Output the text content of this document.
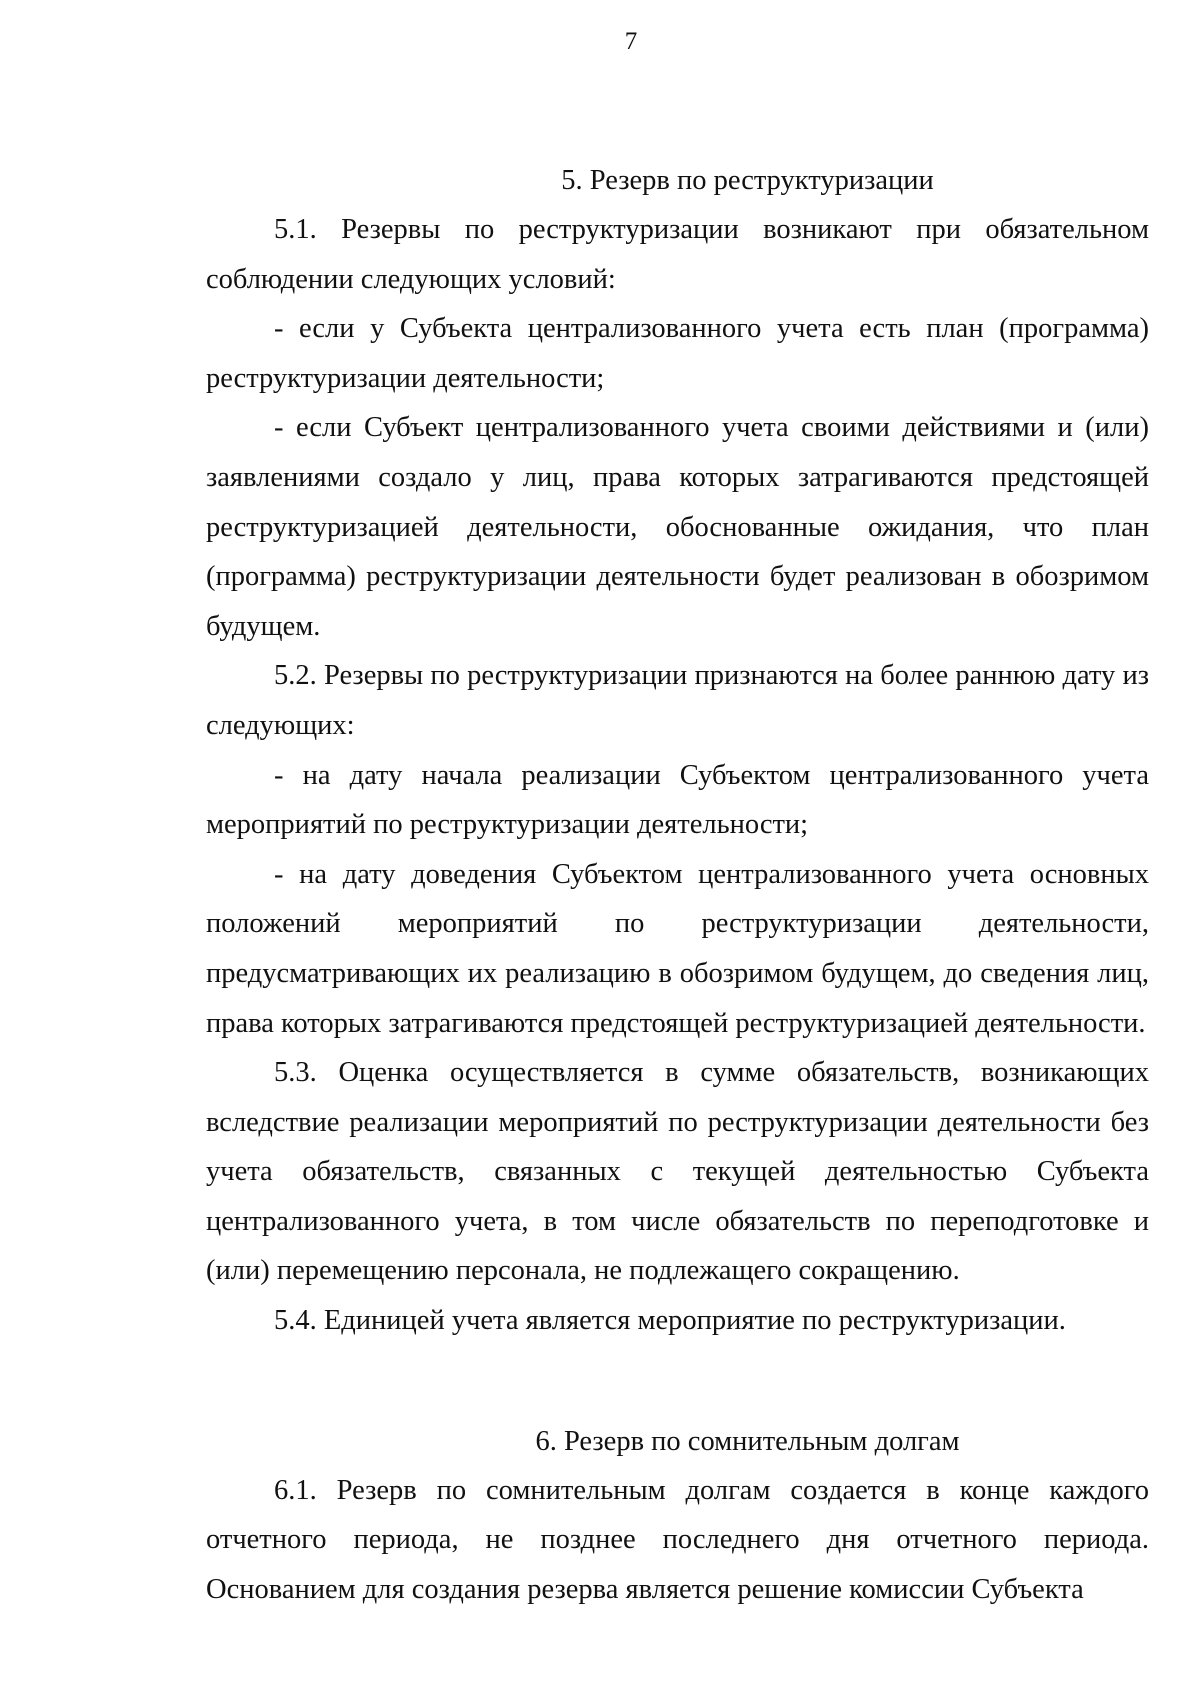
7
5. Резерв по реструктуризации

5.1. Резервы по реструктуризации возникают при обязательном соблюдении следующих условий:

- если у Субъекта централизованного учета есть план (программа) реструктуризации деятельности;

- если Субъект централизованного учета своими действиями и (или) заявлениями создало у лиц, права которых затрагиваются предстоящей реструктуризацией деятельности, обоснованные ожидания, что план (программа) реструктуризации деятельности будет реализован в обозримом будущем.

5.2. Резервы по реструктуризации признаются на более раннюю дату из следующих:

- на дату начала реализации Субъектом централизованного учета мероприятий по реструктуризации деятельности;

- на дату доведения Субъектом централизованного учета основных положений мероприятий по реструктуризации деятельности, предусматривающих их реализацию в обозримом будущем, до сведения лиц, права которых затрагиваются предстоящей реструктуризацией деятельности.

5.3. Оценка осуществляется в сумме обязательств, возникающих вследствие реализации мероприятий по реструктуризации деятельности без учета обязательств, связанных с текущей деятельностью Субъекта централизованного учета, в том числе обязательств по переподготовке и (или) перемещению персонала, не подлежащего сокращению.

5.4. Единицей учета является мероприятие по реструктуризации.

6. Резерв по сомнительным долгам

6.1. Резерв по сомнительным долгам создается в конце каждого отчетного периода, не позднее последнего дня отчетного периода. Основанием для создания резерва является решение комиссии Субъекта
